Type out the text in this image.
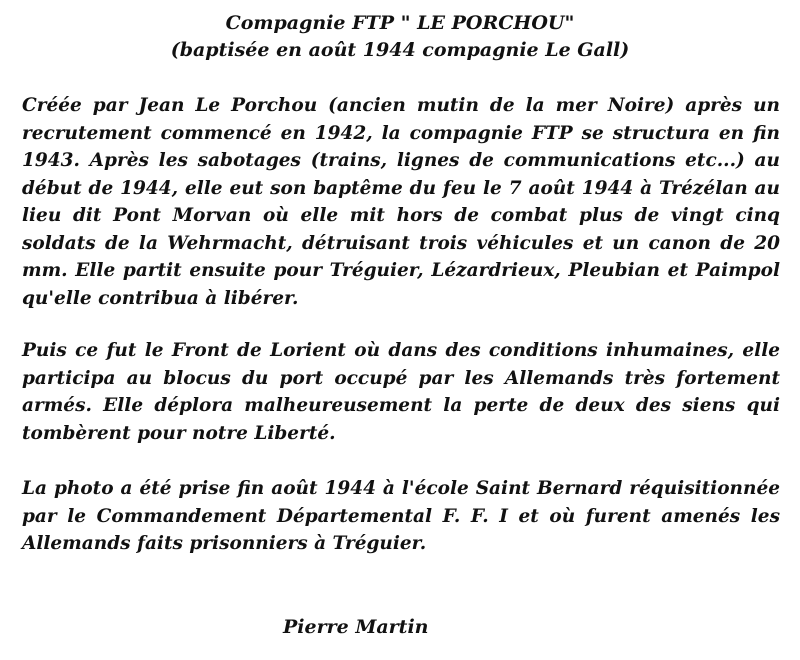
Compagnie FTP " LE PORCHOU"
(baptisée en août 1944 compagnie Le Gall)

Créée par Jean Le Porchou (ancien mutin de la mer Noire) après un recrutement commencé en 1942, la compagnie FTP se structura en fin 1943. Après les sabotages (trains, lignes de communications etc...) au début de 1944, elle eut son baptême du feu le 7 août 1944 à Trézélan au lieu dit Pont Morvan où elle mit hors de combat plus de vingt cinq soldats de la Wehrmacht, détruisant trois véhicules et un canon de 20 mm. Elle partit ensuite pour Tréguier, Lézardrieux, Pleubian et Paimpol qu'elle contribua à libérer.

Puis ce fut le Front de Lorient où dans des conditions inhumaines, elle participa au blocus du port occupé par les Allemands très fortement armés. Elle déplora malheureusement la perte de deux des siens qui tombèrent pour notre Liberté.

La photo a été prise fin août 1944 à l'école Saint Bernard réquisitionnée par le Commandement Départemental F. F. I et où furent amenés les Allemands faits prisonniers à Tréguier.

Pierre Martin
